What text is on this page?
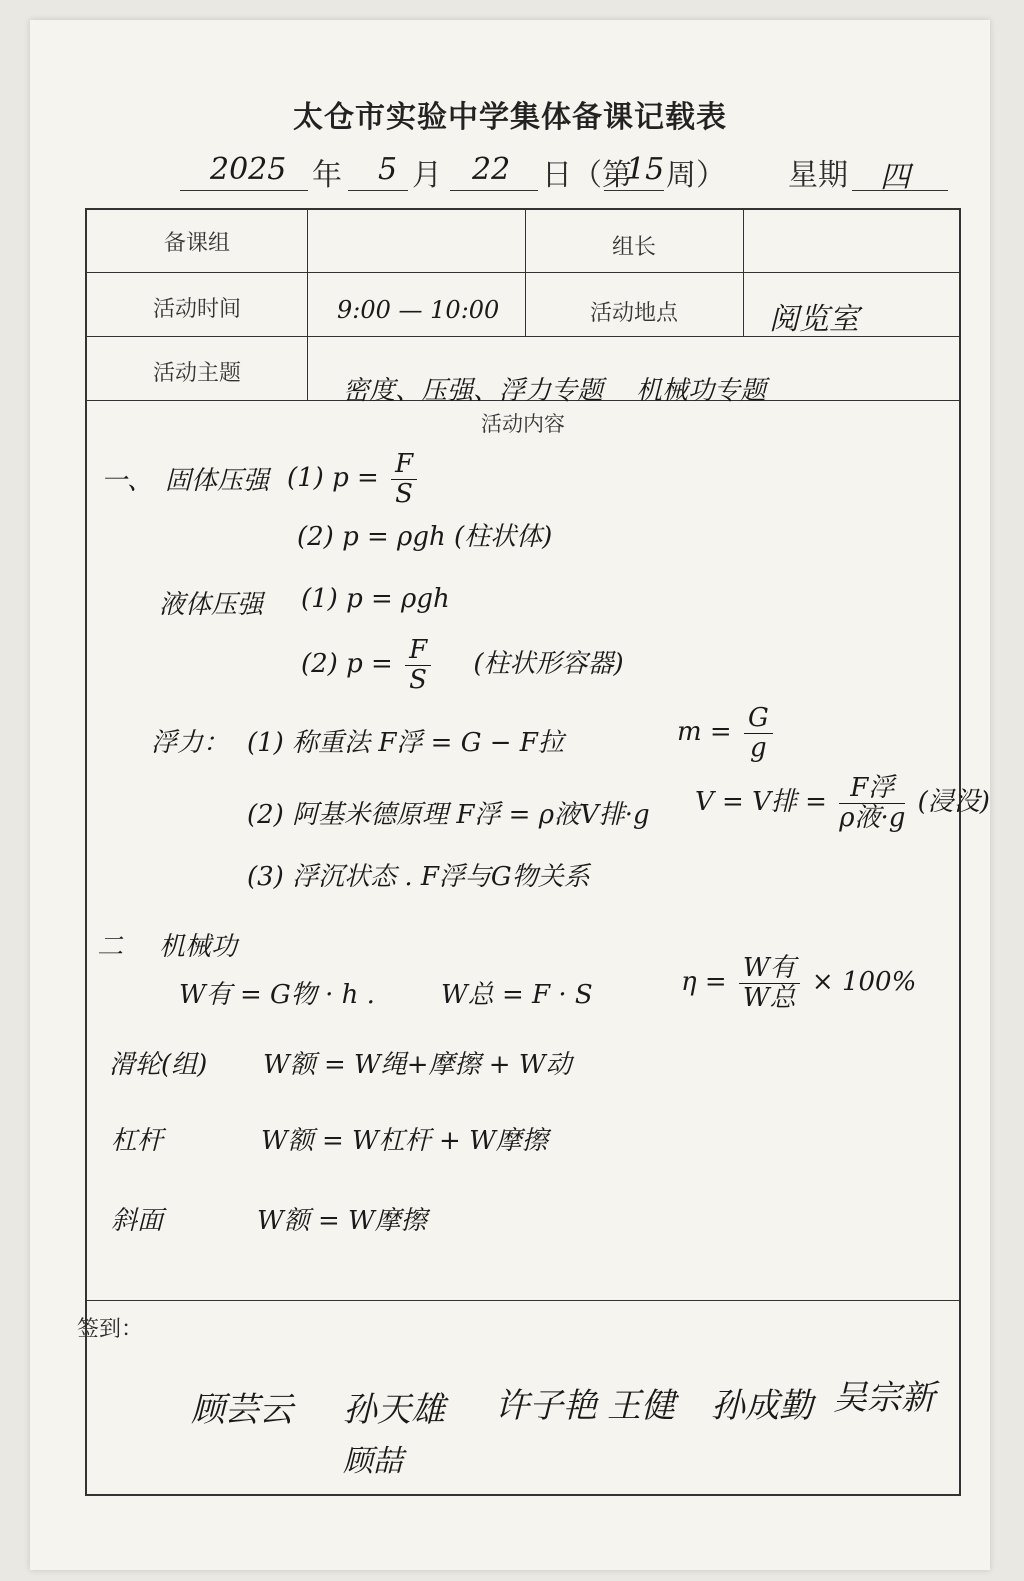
太仓市实验中学集体备课记载表
2025 年 5 月 22 日（第
15 周） 星期 四
备课组	组长
活动时间	9:00 — 10:00	活动地点	阅览室
活动主题
密度、压强、浮力专题    机械功专题
活动内容
一、 固体压强 (1) $p = \frac{F}{S}$
(2) p = ρgh (柱状体)
液体压强 (1) p = ρgh
(2) $p = \frac{F}{S}$ (柱状形容器)
浮力： (1) 称重法 F浮 = G − F拉	$m = \frac{G}{g}$
(2) 阿基米德原理 F浮 = ρ液V排·g V = V排 = $\frac{\text{F浮}}{\text{ρ液·g}}$ (浸没)
(3) 浮沉状态 . F浮与G物关系
二 机械功
W有 = G物 · h .	W总 = F · S	$\eta = \frac{\text{W有}}{\text{W总}} \times 100\%$
滑轮(组) W额 = W绳+摩擦 + W动
杠杆	W额 = W杠杆 + W摩擦
斜面	W额 = W摩擦
签到：
顾芸云 孙天雄 许子艳 王健 孙成勤 吴宗新
顾喆
